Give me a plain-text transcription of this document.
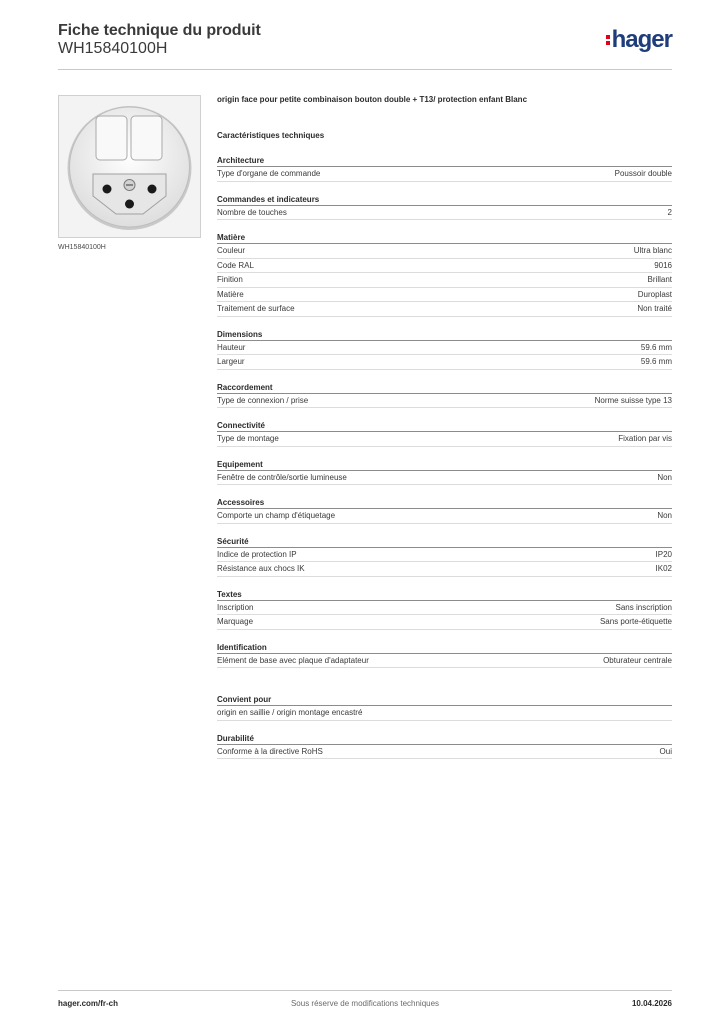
Fiche technique du produit
WH15840100H	hager
WH15840100H
origin face pour petite combinaison bouton double + T13/ protection enfant Blanc
Caractéristiques techniques
Architecture
Type d'organe de commande	Poussoir double
Commandes et indicateurs
Nombre de touches	2
Matière
Couleur	Ultra blanc
Code RAL	9016
Finition	Brillant
Matière	Duroplast
Traitement de surface	Non traité
Dimensions
Hauteur	59.6 mm
Largeur	59.6 mm
Raccordement
Type de connexion / prise	Norme suisse type 13
Connectivité
Type de montage	Fixation par vis
Equipement
Fenêtre de contrôle/sortie lumineuse	Non
Accessoires
Comporte un champ d'étiquetage	Non
Sécurité
Indice de protection IP	IP20
Résistance aux chocs IK	IK02
Textes
Inscription	Sans inscription
Marquage	Sans porte-étiquette
Identification
Elément de base avec plaque d'adaptateur	Obturateur centrale
Convient pour
origin en saillie / origin montage encastré
Durabilité
Conforme à la directive RoHS	Oui
hager.com/fr-ch	Sous réserve de modifications techniques	10.04.2026
